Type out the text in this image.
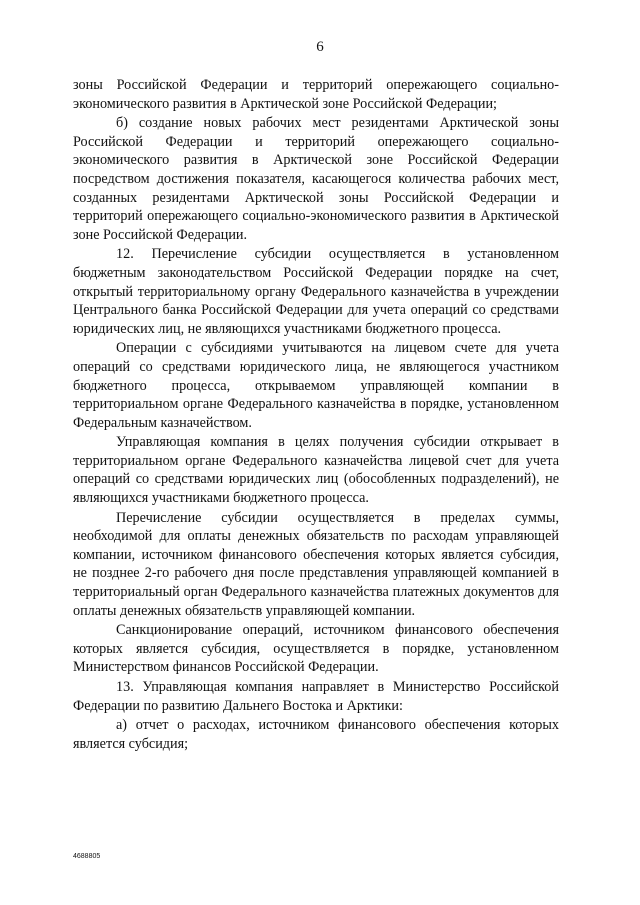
6

зоны Российской Федерации и территорий опережающего социально-экономического развития в Арктической зоне Российской Федерации;

б) создание новых рабочих мест резидентами Арктической зоны Российской Федерации и территорий опережающего социально-экономического развития в Арктической зоне Российской Федерации посредством достижения показателя, касающегося количества рабочих мест, созданных резидентами Арктической зоны Российской Федерации и территорий опережающего социально-экономического развития в Арктической зоне Российской Федерации.

12. Перечисление субсидии осуществляется в установленном бюджетным законодательством Российской Федерации порядке на счет, открытый территориальному органу Федерального казначейства в учреждении Центрального банка Российской Федерации для учета операций со средствами юридических лиц, не являющихся участниками бюджетного процесса.

Операции с субсидиями учитываются на лицевом счете для учета операций со средствами юридического лица, не являющегося участником бюджетного процесса, открываемом управляющей компании в территориальном органе Федерального казначейства в порядке, установленном Федеральным казначейством.

Управляющая компания в целях получения субсидии открывает в территориальном органе Федерального казначейства лицевой счет для учета операций со средствами юридических лиц (обособленных подразделений), не являющихся участниками бюджетного процесса.

Перечисление субсидии осуществляется в пределах суммы, необходимой для оплаты денежных обязательств по расходам управляющей компании, источником финансового обеспечения которых является субсидия, не позднее 2-го рабочего дня после представления управляющей компанией в территориальный орган Федерального казначейства платежных документов для оплаты денежных обязательств управляющей компании.

Санкционирование операций, источником финансового обеспечения которых является субсидия, осуществляется в порядке, установленном Министерством финансов Российской Федерации.

13. Управляющая компания направляет в Министерство Российской Федерации по развитию Дальнего Востока и Арктики:

а) отчет о расходах, источником финансового обеспечения которых является субсидия;

4688805
